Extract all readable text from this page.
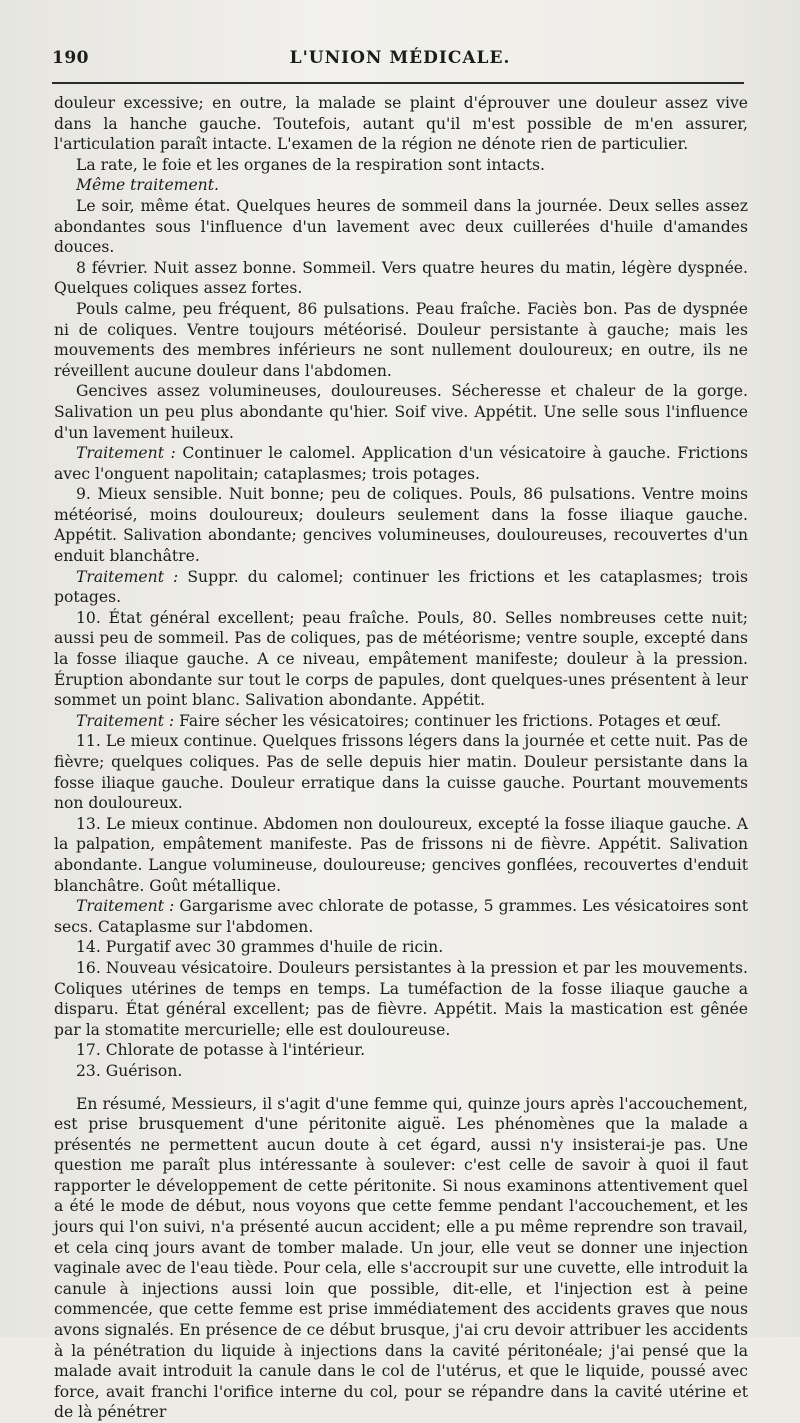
190	L'UNION MÉDICALE.

douleur excessive; en outre, la malade se plaint d'éprouver une douleur assez vive dans la hanche gauche. Toutefois, autant qu'il m'est possible de m'en assurer, l'articulation paraît intacte. L'examen de la région ne dénote rien de particulier.

La rate, le foie et les organes de la respiration sont intacts.

Même traitement.

Le soir, même état. Quelques heures de sommeil dans la journée. Deux selles assez abondantes sous l'influence d'un lavement avec deux cuillerées d'huile d'amandes douces.

8 février. Nuit assez bonne. Sommeil. Vers quatre heures du matin, légère dyspnée. Quelques coliques assez fortes.

Pouls calme, peu fréquent, 86 pulsations. Peau fraîche. Faciès bon. Pas de dyspnée ni de coliques. Ventre toujours météorisé. Douleur persistante à gauche; mais les mouvements des membres inférieurs ne sont nullement douloureux; en outre, ils ne réveillent aucune douleur dans l'abdomen.

Gencives assez volumineuses, douloureuses. Sécheresse et chaleur de la gorge. Salivation un peu plus abondante qu'hier. Soif vive. Appétit. Une selle sous l'influence d'un lavement huileux.

Traitement : Continuer le calomel. Application d'un vésicatoire à gauche. Frictions avec l'onguent napolitain; cataplasmes; trois potages.

9. Mieux sensible. Nuit bonne; peu de coliques. Pouls, 86 pulsations. Ventre moins météorisé, moins douloureux; douleurs seulement dans la fosse iliaque gauche. Appétit. Salivation abondante; gencives volumineuses, douloureuses, recouvertes d'un enduit blanchâtre.

Traitement : Suppr. du calomel; continuer les frictions et les cataplasmes; trois potages.

10. État général excellent; peau fraîche. Pouls, 80. Selles nombreuses cette nuit; aussi peu de sommeil. Pas de coliques, pas de météorisme; ventre souple, excepté dans la fosse iliaque gauche. A ce niveau, empâtement manifeste; douleur à la pression. Éruption abondante sur tout le corps de papules, dont quelques-unes présentent à leur sommet un point blanc. Salivation abondante. Appétit.

Traitement : Faire sécher les vésicatoires; continuer les frictions. Potages et œuf.

11. Le mieux continue. Quelques frissons légers dans la journée et cette nuit. Pas de fièvre; quelques coliques. Pas de selle depuis hier matin. Douleur persistante dans la fosse iliaque gauche. Douleur erratique dans la cuisse gauche. Pourtant mouvements non douloureux.

13. Le mieux continue. Abdomen non douloureux, excepté la fosse iliaque gauche. A la palpation, empâtement manifeste. Pas de frissons ni de fièvre. Appétit. Salivation abondante. Langue volumineuse, douloureuse; gencives gonflées, recouvertes d'enduit blanchâtre. Goût métallique.

Traitement : Gargarisme avec chlorate de potasse, 5 grammes. Les vésicatoires sont secs. Cataplasme sur l'abdomen.

14. Purgatif avec 30 grammes d'huile de ricin.

16. Nouveau vésicatoire. Douleurs persistantes à la pression et par les mouvements. Coliques utérines de temps en temps. La tuméfaction de la fosse iliaque gauche a disparu. État général excellent; pas de fièvre. Appétit. Mais la mastication est gênée par la stomatite mercurielle; elle est douloureuse.

17. Chlorate de potasse à l'intérieur.

23. Guérison.

En résumé, Messieurs, il s'agit d'une femme qui, quinze jours après l'accouchement, est prise brusquement d'une péritonite aiguë. Les phénomènes que la malade a présentés ne permettent aucun doute à cet égard, aussi n'y insisterai-je pas. Une question me paraît plus intéressante à soulever: c'est celle de savoir à quoi il faut rapporter le développement de cette péritonite. Si nous examinons attentivement quel a été le mode de début, nous voyons que cette femme pendant l'accouchement, et les jours qui l'on suivi, n'a présenté aucun accident; elle a pu même reprendre son travail, et cela cinq jours avant de tomber malade. Un jour, elle veut se donner une injection vaginale avec de l'eau tiède. Pour cela, elle s'accroupit sur une cuvette, elle introduit la canule à injections aussi loin que possible, dit-elle, et l'injection est à peine commencée, que cette femme est prise immédiatement des accidents graves que nous avons signalés. En présence de ce début brusque, j'ai cru devoir attribuer les accidents à la pénétration du liquide à injections dans la cavité péritonéale; j'ai pensé que la malade avait introduit la canule dans le col de l'utérus, et que le liquide, poussé avec force, avait franchi l'orifice interne du col, pour se répandre dans la cavité utérine et de là pénétrer
